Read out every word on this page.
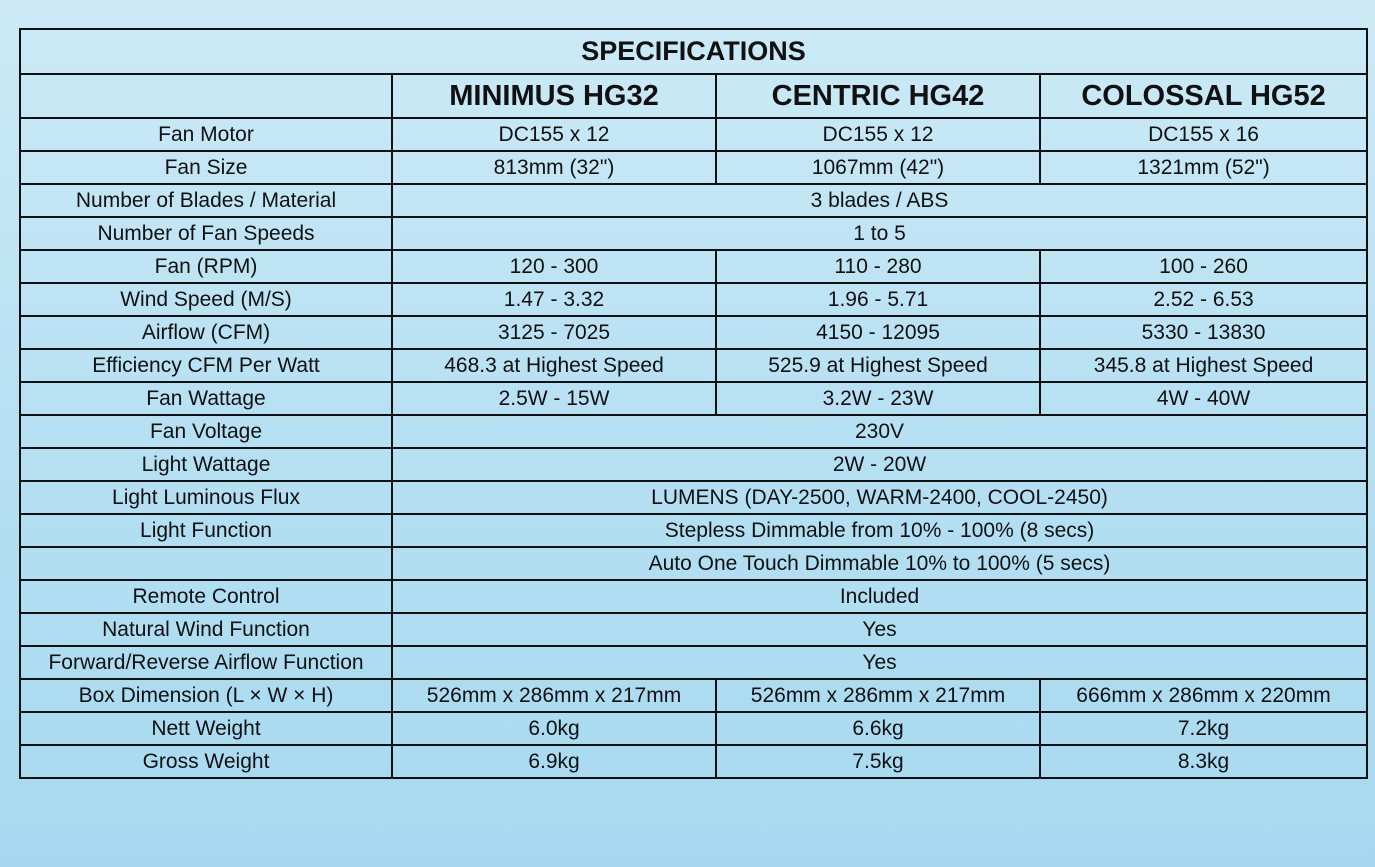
SPECIFICATIONS			
	MINIMUS HG32	CENTRIC HG42	COLOSSAL HG52
Fan Motor	DC155 x 12	DC155 x 12	DC155 x 16
Fan Size	813mm (32")	1067mm (42")	1321mm (52")
Number of Blades / Material	3 blades / ABS		
Number of Fan Speeds	1 to 5		
Fan (RPM)	120 - 300	110 - 280	100 - 260
Wind Speed (M/S)	1.47 - 3.32	1.96 - 5.71	2.52 - 6.53
Airflow (CFM)	3125 - 7025	4150 - 12095	5330 - 13830
Efficiency CFM Per Watt	468.3 at Highest Speed	525.9 at Highest Speed	345.8 at Highest Speed
Fan Wattage	2.5W - 15W	3.2W - 23W	4W - 40W
Fan Voltage	230V		
Light Wattage	2W - 20W		
Light Luminous Flux	LUMENS (DAY-2500, WARM-2400, COOL-2450)		
Light Function	Stepless Dimmable from 10% - 100% (8 secs)		
	Auto One Touch Dimmable 10% to 100% (5 secs)		
Remote Control	Included		
Natural Wind Function	Yes		
Forward/Reverse Airflow Function	Yes		
Box Dimension (L × W × H)	526mm x 286mm x 217mm	526mm x 286mm x 217mm	666mm x 286mm x 220mm
Nett Weight	6.0kg	6.6kg	7.2kg
Gross Weight	6.9kg	7.5kg	8.3kg
